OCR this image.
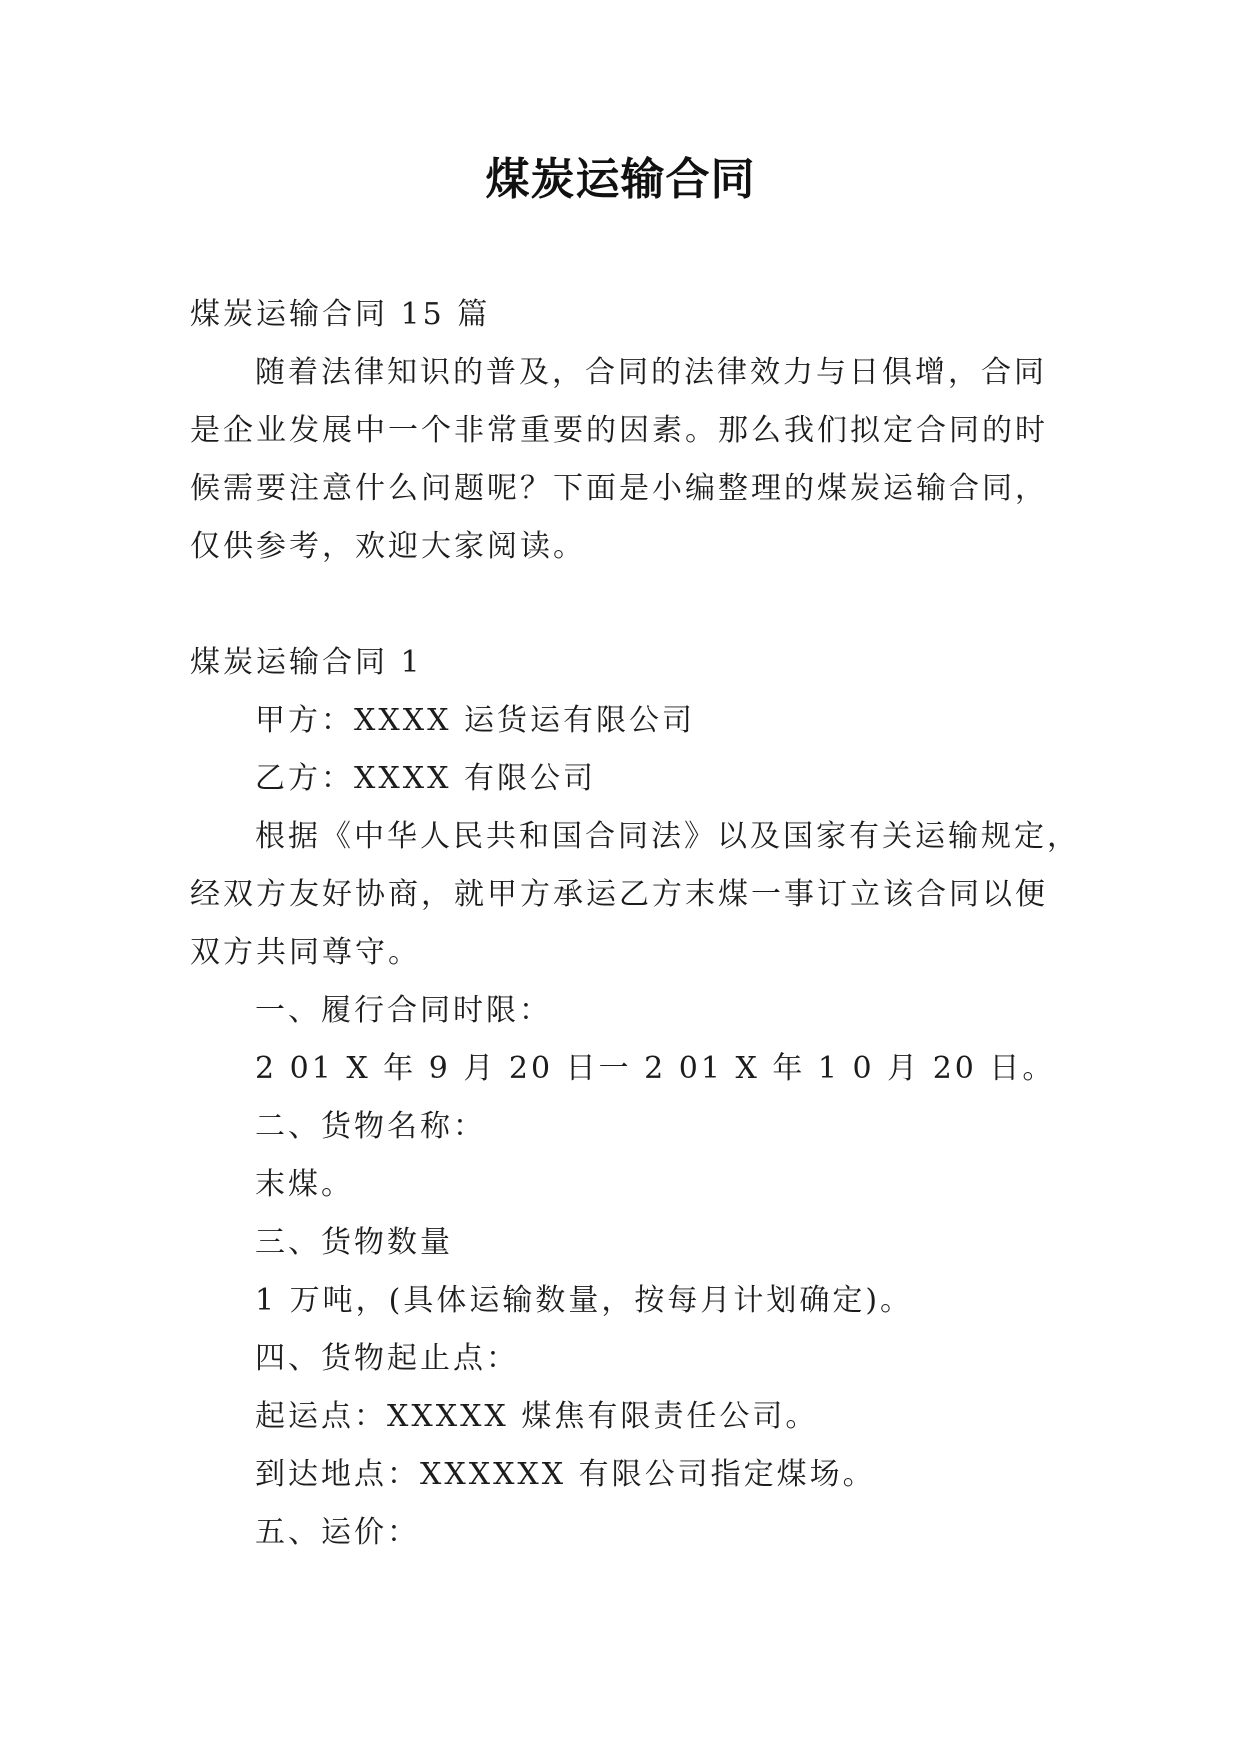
煤炭运输合同
煤炭运输合同 15 篇
随着法律知识的普及，合同的法律效力与日俱增，合同
是企业发展中一个非常重要的因素。那么我们拟定合同的时
候需要注意什么问题呢？下面是小编整理的煤炭运输合同，
仅供参考，欢迎大家阅读。
煤炭运输合同 1
甲方：XXXX 运货运有限公司
乙方：XXXX 有限公司
根据《中华人民共和国合同法》以及国家有关运输规定，
经双方友好协商，就甲方承运乙方末煤一事订立该合同以便
双方共同尊守。
一、履行合同时限：
2 01 X 年 9 月 20 日一 2 01 X 年 1 0 月 20 日。
二、货物名称：
末煤。
三、货物数量
1 万吨，(具体运输数量，按每月计划确定)。
四、货物起止点：
起运点：XXXXX 煤焦有限责任公司。
到达地点：XXXXXX 有限公司指定煤场。
五、运价：
